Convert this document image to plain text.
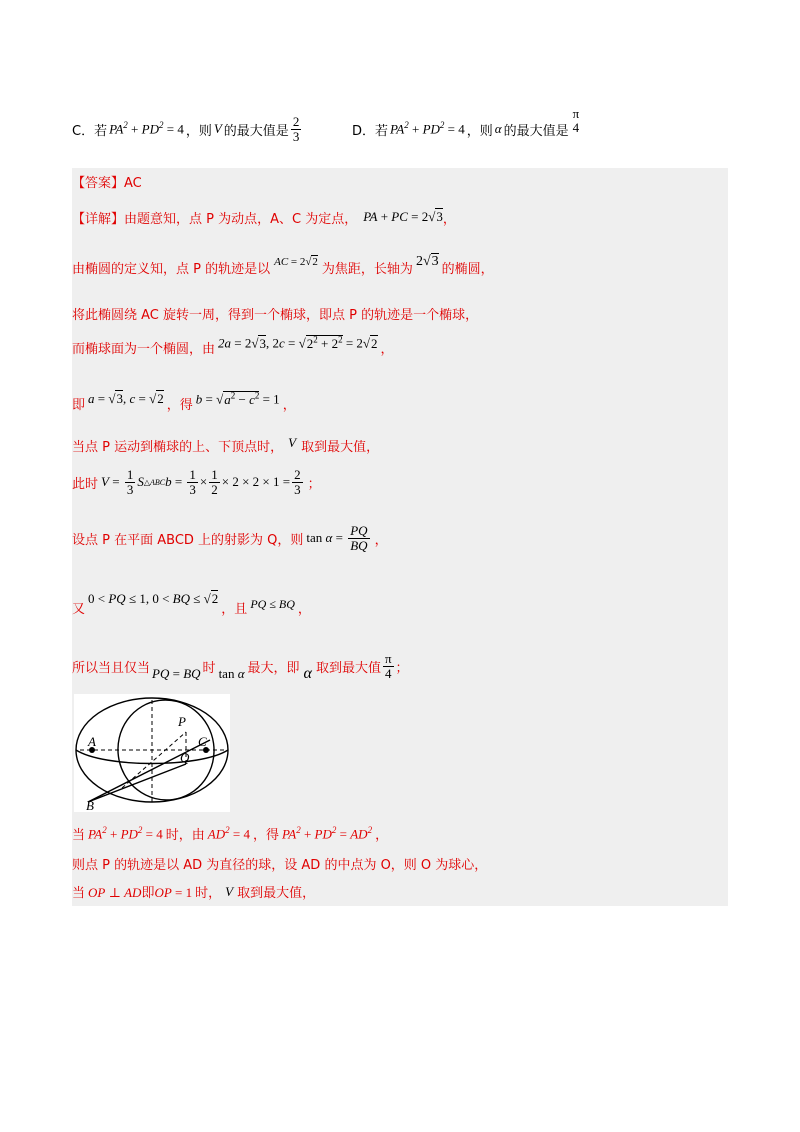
C．若 $PA^2 + PD^2 = 4$ ，则 V 的最大值是 $\frac{2}{3}$	D．若 $PA^2 + PD^2 = 4$ ，则 α 的最大值是
π
4
【答案】AC
【详解】 由题意知，点 P 为动点，A、C 为定点， PA + PC = 2√3 ，
由椭圆的定义知，点 P 的轨迹是以 AC = 2√2 为焦距，长轴为 2√3 的椭圆，
将此椭圆绕 AC 旋转一周，得到一个椭球，即点 P 的轨迹是一个椭球，
而椭球面为一个椭圆，由 2a = 2√3, $2c = √2^2 + 2^2 = 2√2$ ，
即 a = √3, c = √2 ，得 $b = √a^2 - c^2 = 1$ ，
当点 P 运动到椭球的上、下顶点时， V 取到最大值，
此时 $V = \frac{1}{3}$ S △ABC $b = \frac{1}{3} \times \frac{1}{2} \times 2 \times 2 \times 1 = \frac{2}{3}$ ；
设点 P 在平面 ABCD 上的射影为 Q，则 $\tan \alpha = \frac{PQ}{BQ}$ ，
又
0 < PQ ≤ 1, 0 < BQ ≤ √2
，且 PQ ≤ BQ ，
所以当且仅当 PQ = BQ 时 tan α 最大，即 α 取到最大值 $\frac{\pi}{4}$ ；
A	C
P
Q
B
当 $PA^2 + PD^2 = 4$ 时，由 $AD^2 = 4$ ，得 $PA^2 + PD^2 = AD^2$ ，
则点 P 的轨迹是以 AD 为直径的球，设 AD 的中点为 O，则 O 为球心，
当 OP ⊥ AD即OP = 1 时， V 取到最大值，
